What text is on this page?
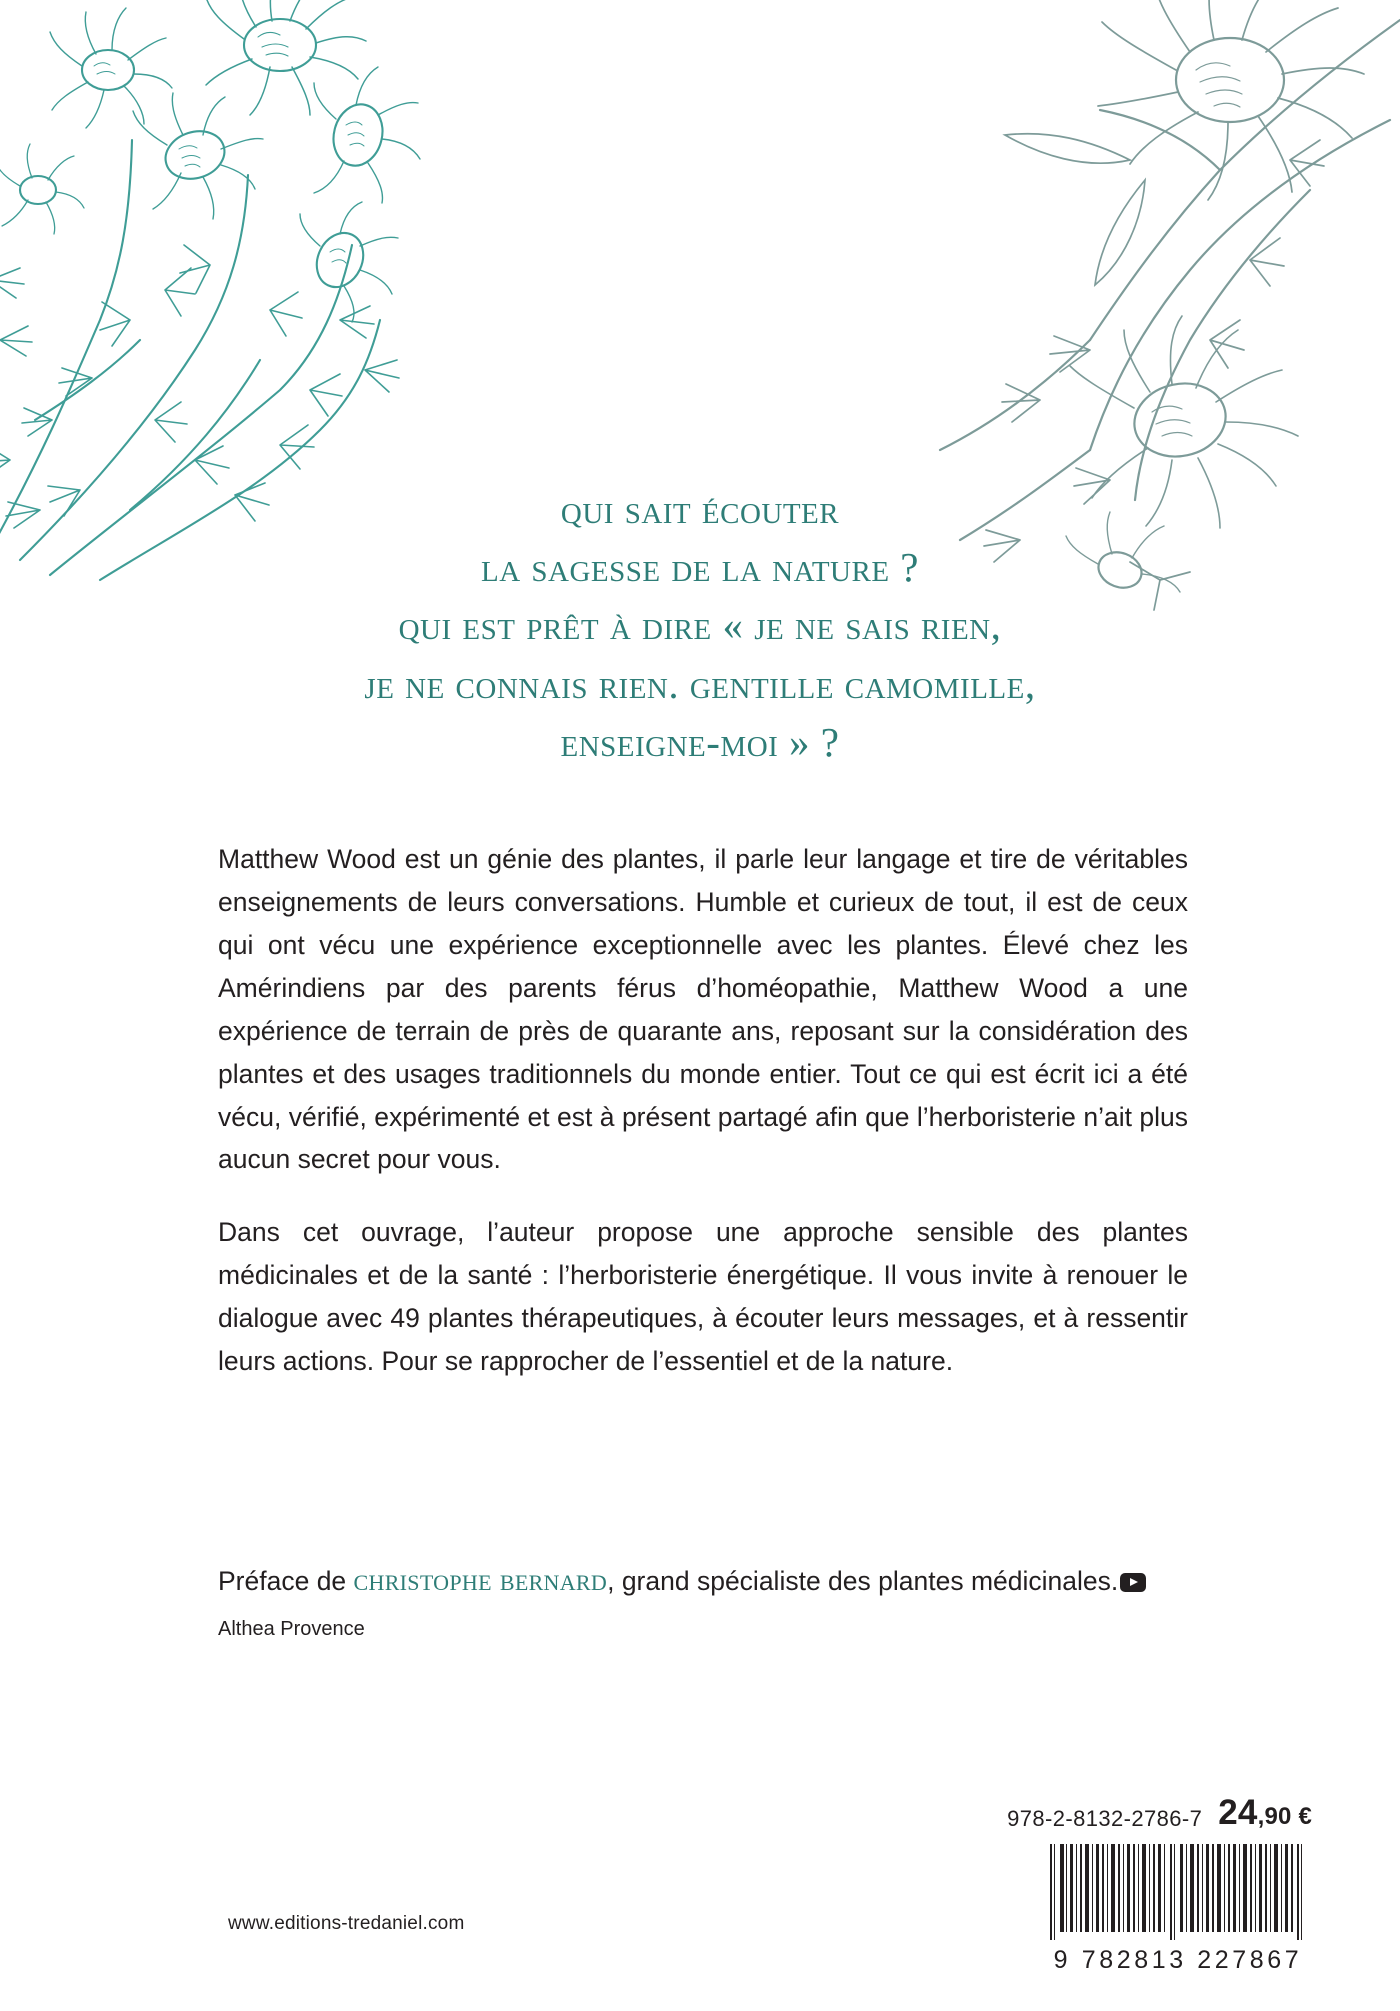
qui sait écouter
la sagesse de la nature ?
qui est prêt à dire « je ne sais rien,
je ne connais rien. gentille camomille,
enseigne-moi » ?

Matthew Wood est un génie des plantes, il parle leur langage et tire de véritables enseignements de leurs conversations. Humble et curieux de tout, il est de ceux qui ont vécu une expérience exceptionnelle avec les plantes. Élevé chez les Amérindiens par des parents férus d’homéopathie, Matthew Wood a une expérience de terrain de près de quarante ans, reposant sur la considération des plantes et des usages traditionnels du monde entier. Tout ce qui est écrit ici a été vécu, vérifié, expérimenté et est à présent partagé afin que l’herboristerie n’ait plus aucun secret pour vous.

Dans cet ouvrage, l’auteur propose une approche sensible des plantes médicinales et de la santé : l’herboristerie énergétique. Il vous invite à renouer le dialogue avec 49 plantes thérapeutiques, à écouter leurs messages, et à ressentir leurs actions. Pour se rapprocher de l’essentiel et de la nature.

Préface de christophe bernard, grand spécialiste des plantes médicinales.Althea Provence
www.editions-tredaniel.com
978-2-8132-2786-7 24,90 €
9 782813 227867
